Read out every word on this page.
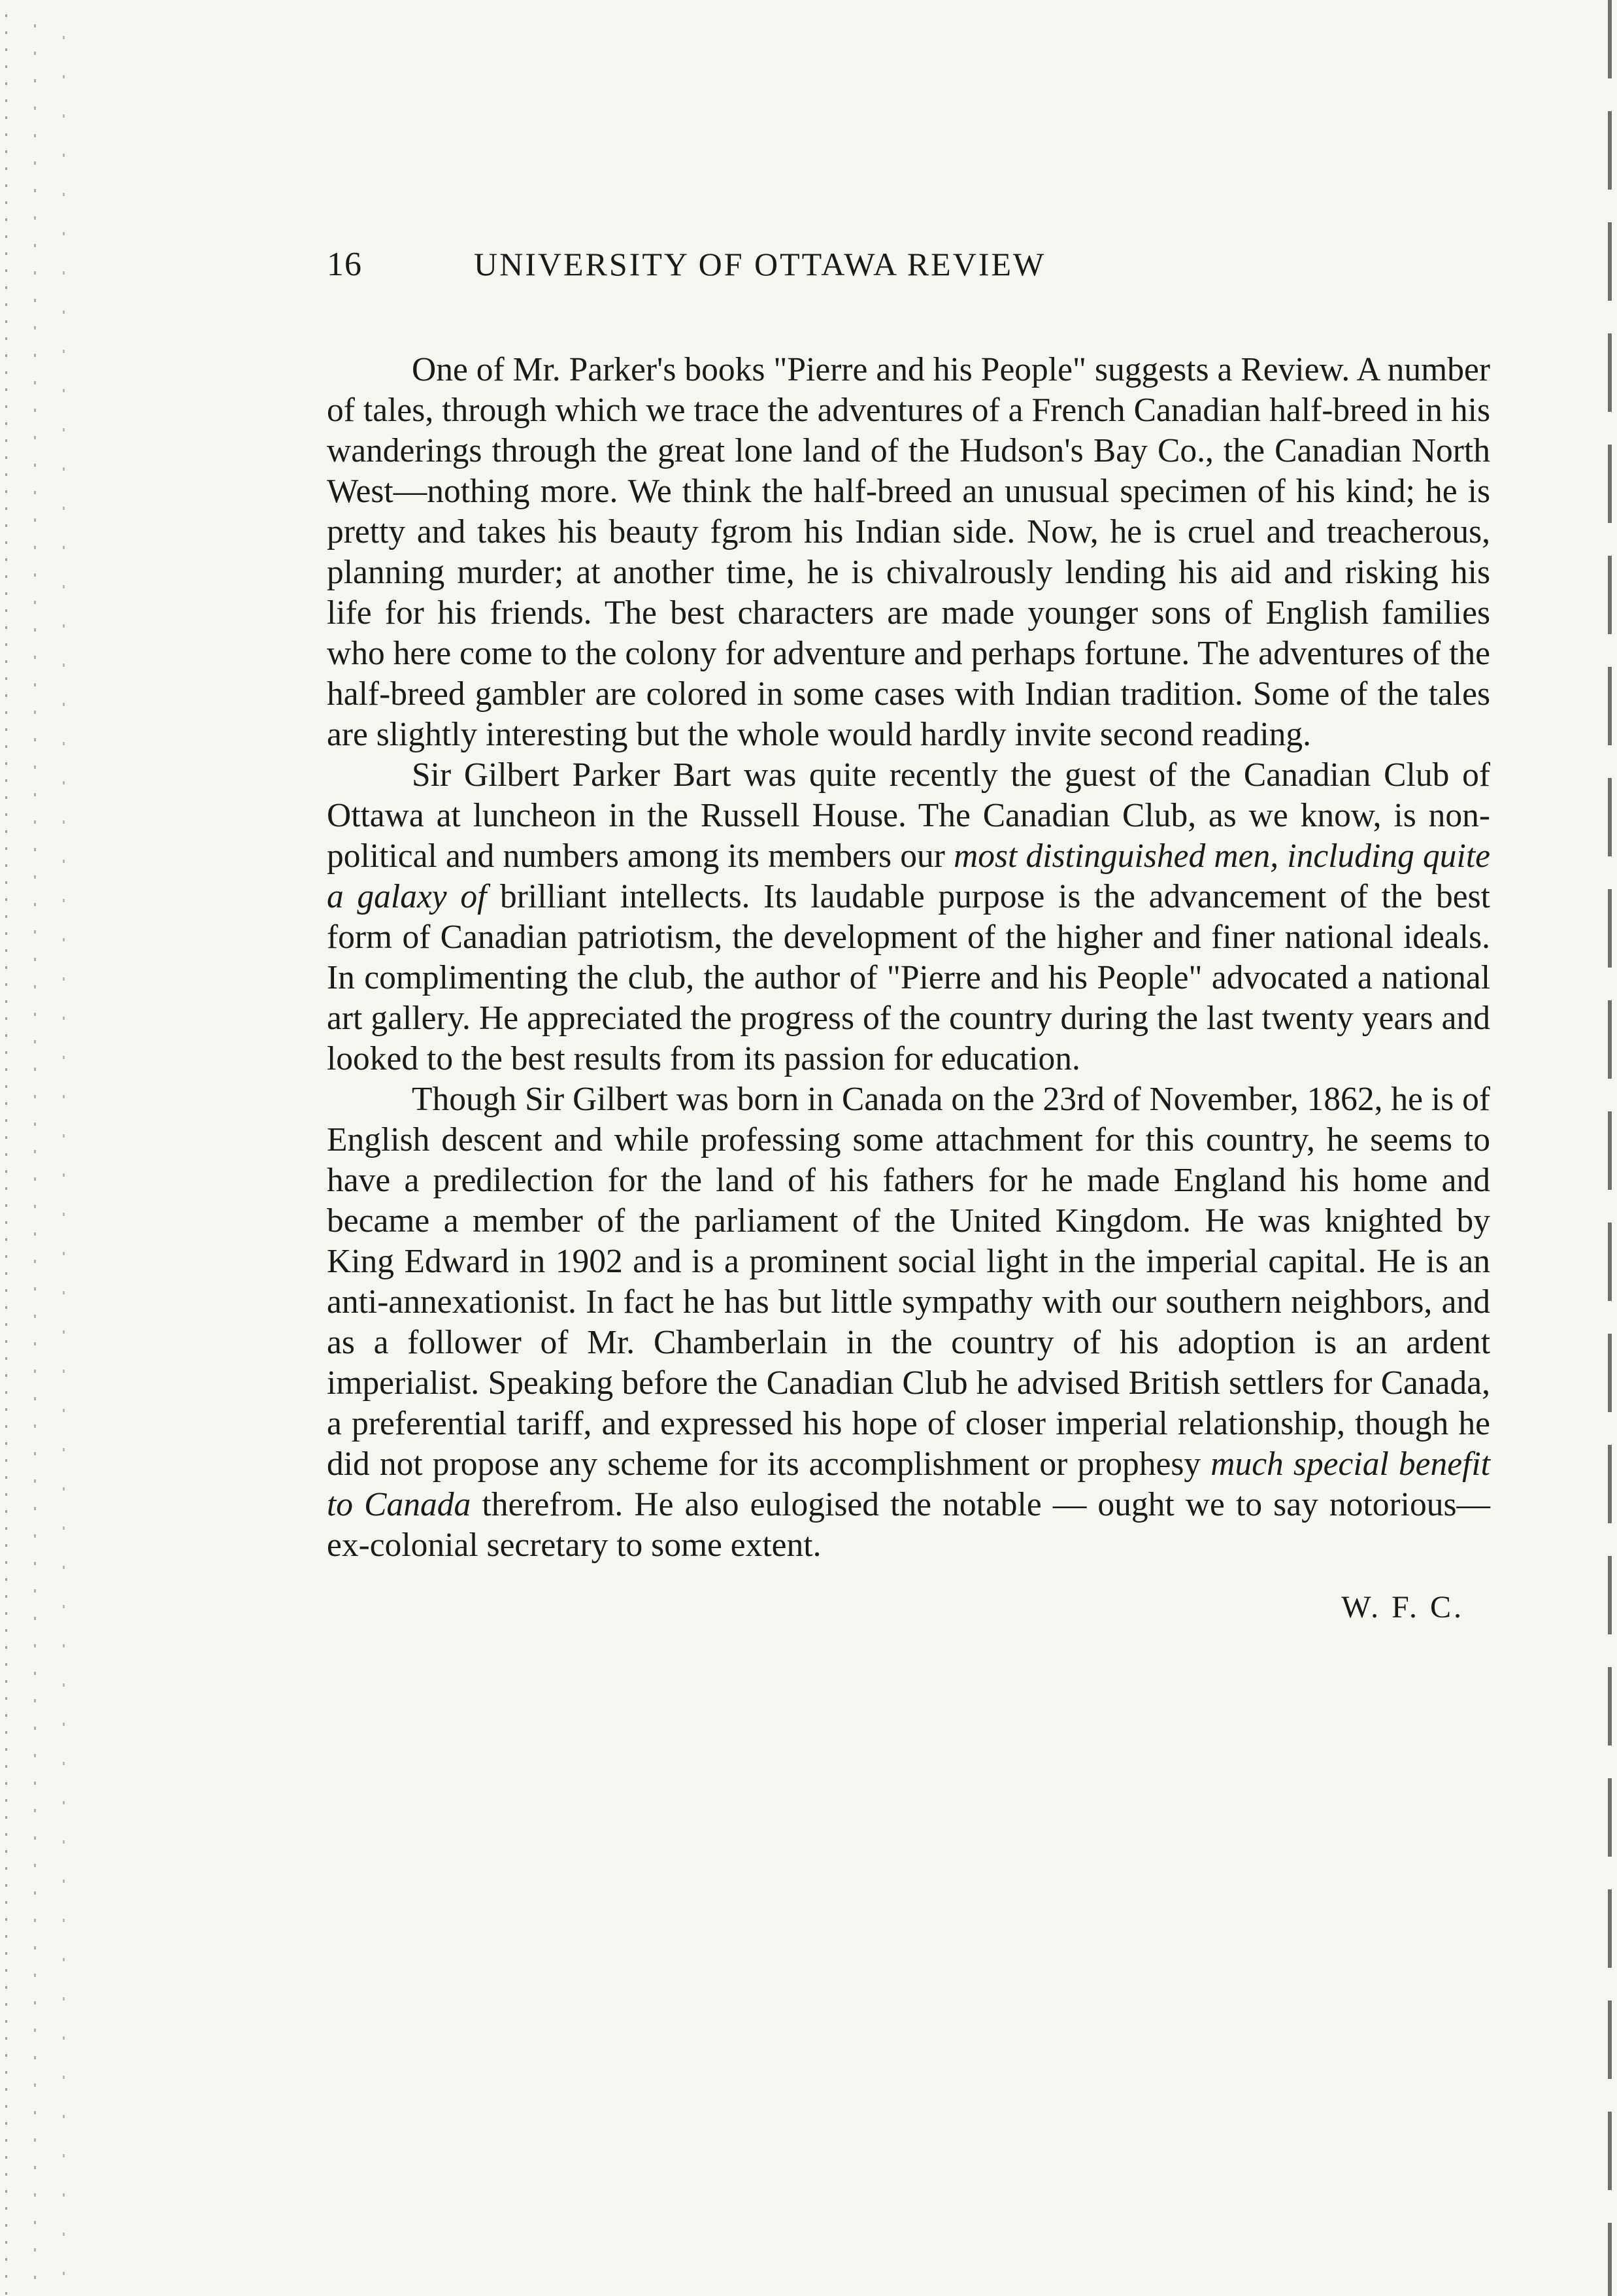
16	UNIVERSITY OF OTTAWA REVIEW

One of Mr. Parker's books "Pierre and his People" suggests a Review. A number of tales, through which we trace the adventures of a French Canadian half-breed in his wanderings through the great lone land of the Hudson's Bay Co., the Canadian North West—nothing more. We think the half-breed an unusual specimen of his kind; he is pretty and takes his beauty fgrom his Indian side. Now, he is cruel and treacherous, planning murder; at another time, he is chivalrously lending his aid and risking his life for his friends. The best characters are made younger sons of English families who here come to the colony for adventure and perhaps fortune. The adventures of the half-breed gambler are colored in some cases with Indian tradition. Some of the tales are slightly interesting but the whole would hardly invite second reading.

Sir Gilbert Parker Bart was quite recently the guest of the Canadian Club of Ottawa at luncheon in the Russell House. The Canadian Club, as we know, is non-political and numbers among its members our most distinguished men, including quite a galaxy of brilliant intellects. Its laudable purpose is the advancement of the best form of Canadian patriotism, the development of the higher and finer national ideals. In complimenting the club, the author of "Pierre and his People" advocated a national art gallery. He appreciated the progress of the country during the last twenty years and looked to the best results from its passion for education.

Though Sir Gilbert was born in Canada on the 23rd of November, 1862, he is of English descent and while professing some attachment for this country, he seems to have a predilection for the land of his fathers for he made England his home and became a member of the parliament of the United Kingdom. He was knighted by King Edward in 1902 and is a prominent social light in the imperial capital. He is an anti-annexationist. In fact he has but little sympathy with our southern neighbors, and as a follower of Mr. Chamberlain in the country of his adoption is an ardent imperialist. Speaking before the Canadian Club he advised British settlers for Canada, a preferential tariff, and expressed his hope of closer imperial relationship, though he did not propose any scheme for its accomplishment or prophesy much special benefit to Canada therefrom. He also eulogised the notable — ought we to say notorious—ex-colonial secretary to some extent.

W. F. C.
